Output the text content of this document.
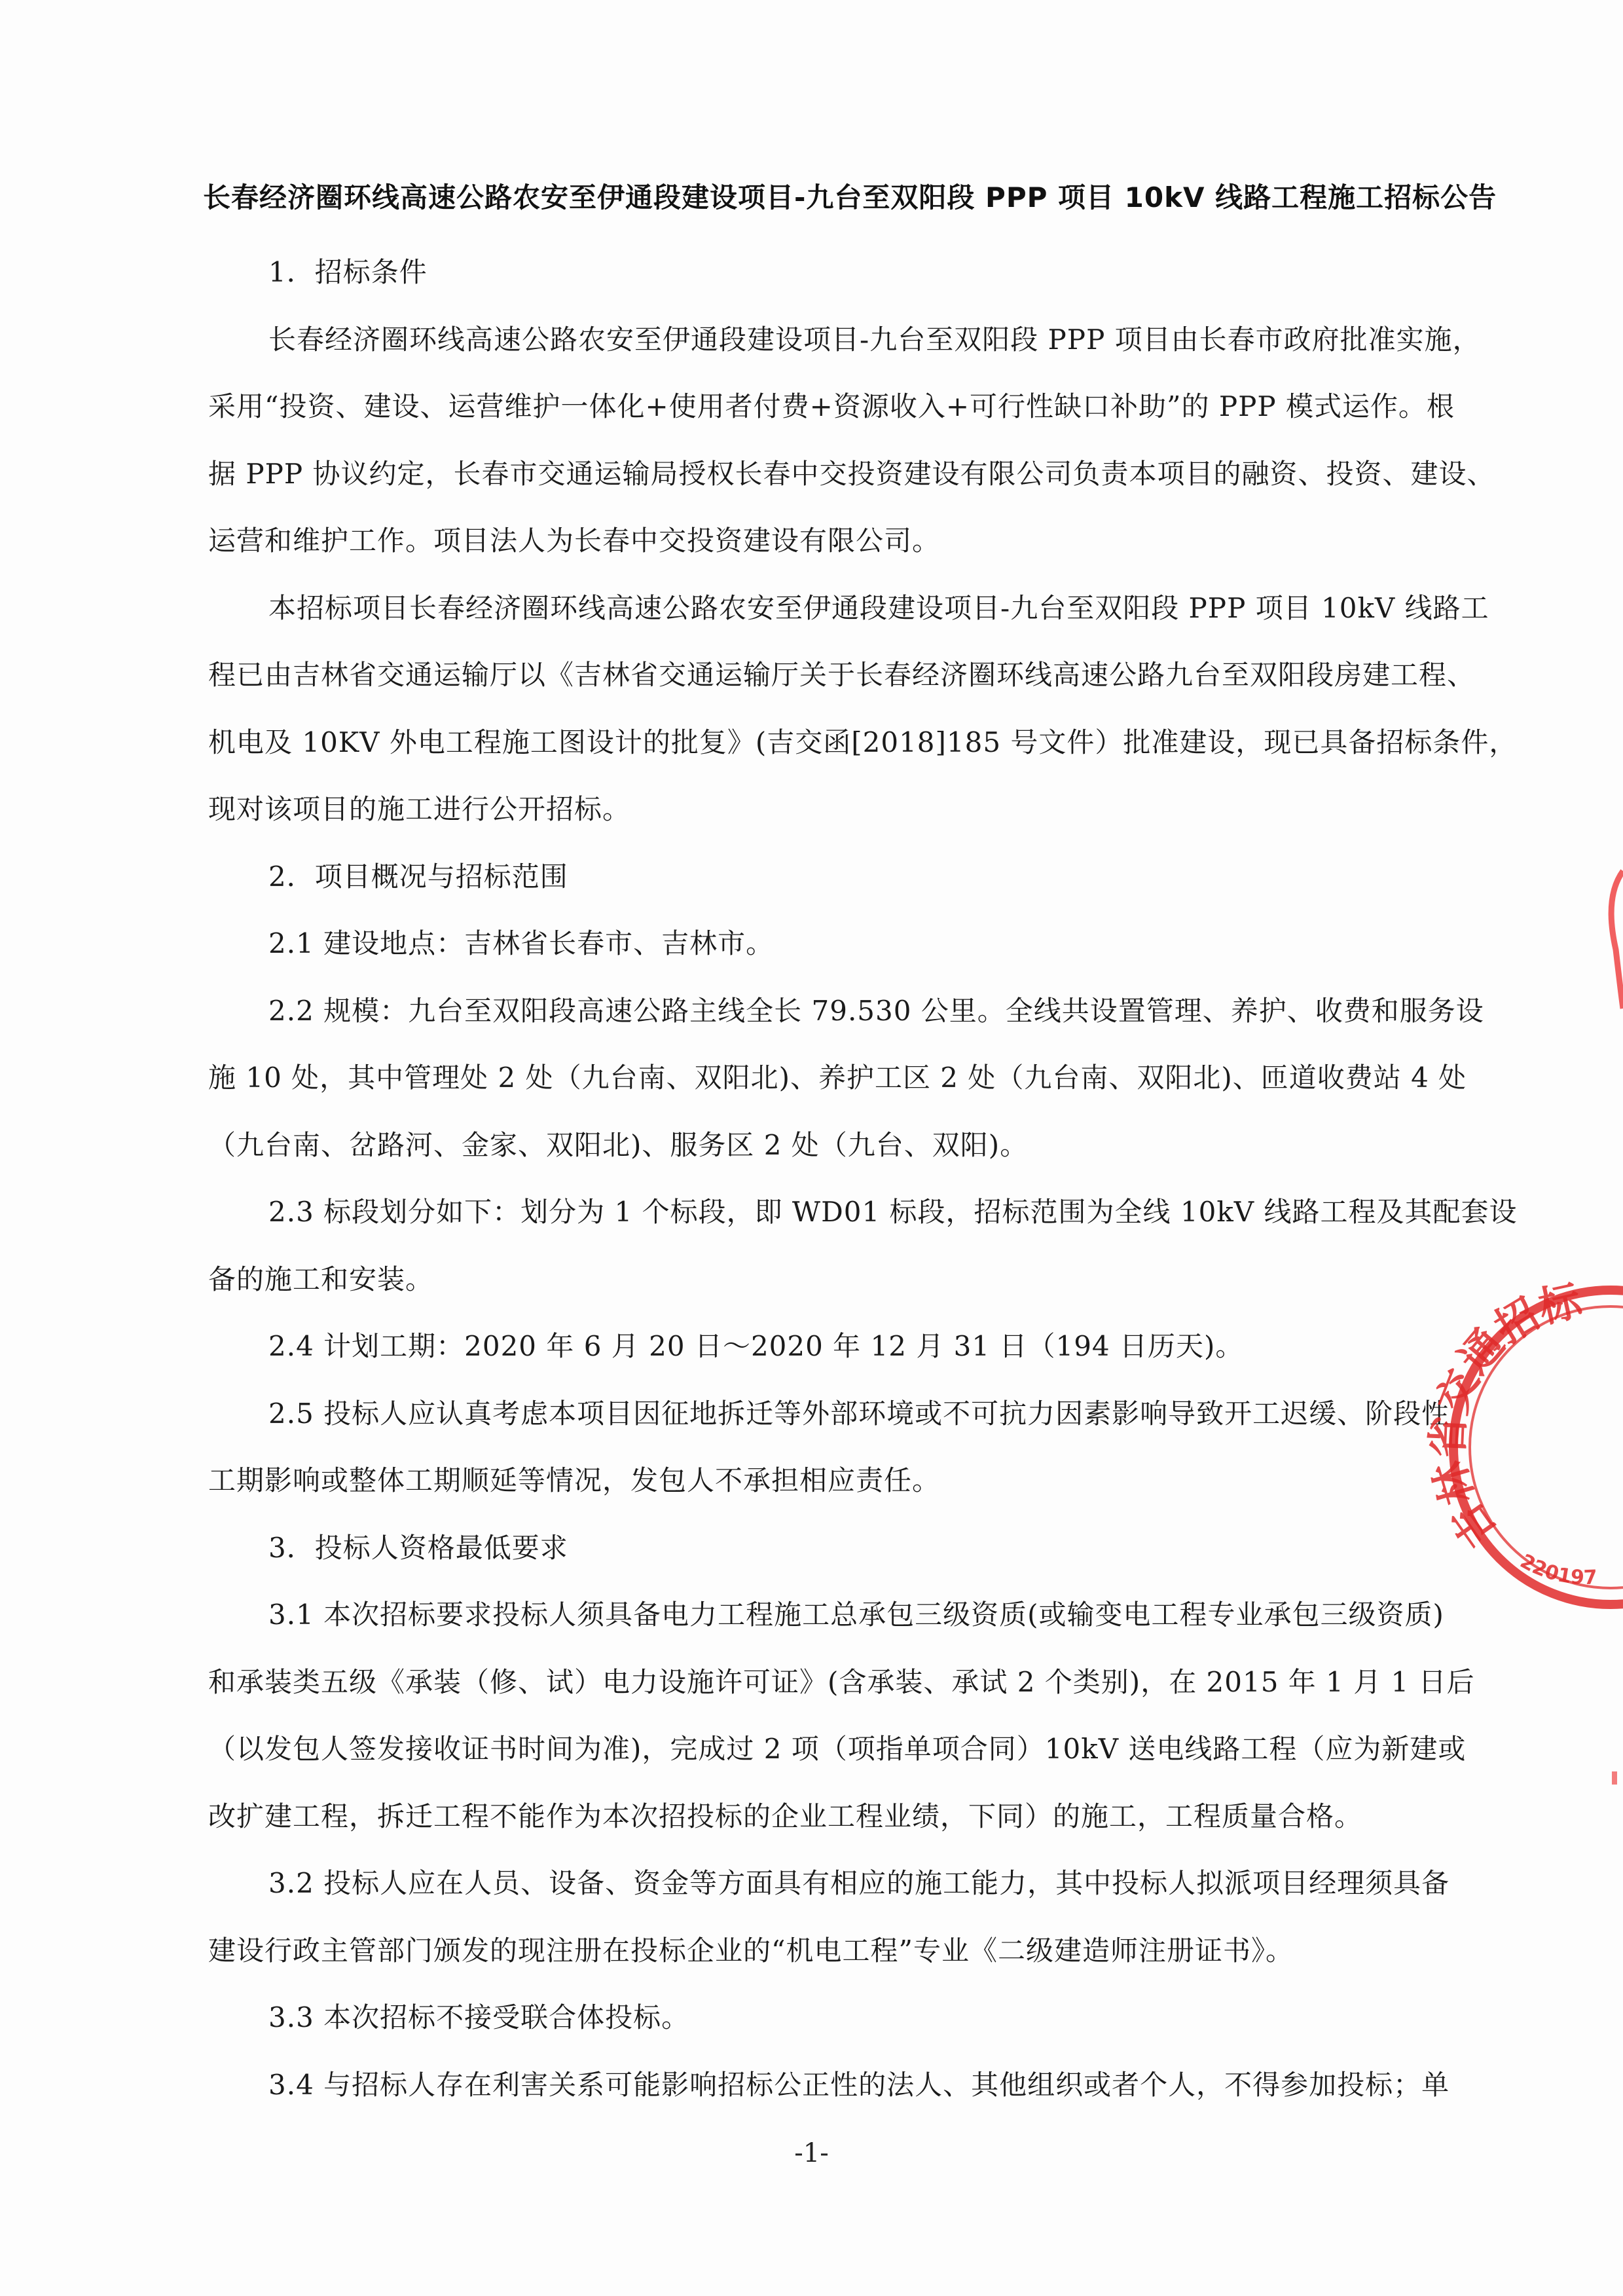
长春经济圈环线高速公路农安至伊通段建设项目-九台至双阳段 PPP 项目 10kV 线路工程施工招标公告
1．招标条件
长春经济圈环线高速公路农安至伊通段建设项目-九台至双阳段 PPP 项目由长春市政府批准实施，
采用“投资、建设、运营维护一体化+使用者付费+资源收入+可行性缺口补助”的 PPP 模式运作。根
据 PPP 协议约定，长春市交通运输局授权长春中交投资建设有限公司负责本项目的融资、投资、建设、
运营和维护工作。项目法人为长春中交投资建设有限公司。
本招标项目长春经济圈环线高速公路农安至伊通段建设项目-九台至双阳段 PPP 项目 10kV 线路工
程已由吉林省交通运输厅以《吉林省交通运输厅关于长春经济圈环线高速公路九台至双阳段房建工程、
机电及 10KV 外电工程施工图设计的批复》(吉交函[2018]185 号文件）批准建设，现已具备招标条件，
现对该项目的施工进行公开招标。
2．项目概况与招标范围
2.1 建设地点：吉林省长春市、吉林市。
2.2 规模：九台至双阳段高速公路主线全长 79.530 公里。全线共设置管理、养护、收费和服务设
施 10 处，其中管理处 2 处（九台南、双阳北)、养护工区 2 处（九台南、双阳北)、匝道收费站 4 处
（九台南、岔路河、金家、双阳北)、服务区 2 处（九台、双阳)。
2.3 标段划分如下：划分为 1 个标段，即 WD01 标段，招标范围为全线 10kV 线路工程及其配套设
备的施工和安装。
2.4 计划工期：2020 年 6 月 20 日～2020 年 12 月 31 日（194 日历天)。
2.5 投标人应认真考虑本项目因征地拆迁等外部环境或不可抗力因素影响导致开工迟缓、阶段性
工期影响或整体工期顺延等情况，发包人不承担相应责任。
3．投标人资格最低要求
3.1 本次招标要求投标人须具备电力工程施工总承包三级资质(或输变电工程专业承包三级资质)
和承装类五级《承装（修、试）电力设施许可证》(含承装、承试 2 个类别)，在 2015 年 1 月 1 日后
（以发包人签发接收证书时间为准)，完成过 2 项（项指单项合同）10kV 送电线路工程（应为新建或
改扩建工程，拆迁工程不能作为本次招投标的企业工程业绩，下同）的施工，工程质量合格。
3.2 投标人应在人员、设备、资金等方面具有相应的施工能力，其中投标人拟派项目经理须具备
建设行政主管部门颁发的现注册在投标企业的“机电工程”专业《二级建造师注册证书》。
3.3 本次招标不接受联合体投标。
3.4 与招标人存在利害关系可能影响招标公正性的法人、其他组织或者个人，不得参加投标；单
-1-
吉林省交通招标
220197
